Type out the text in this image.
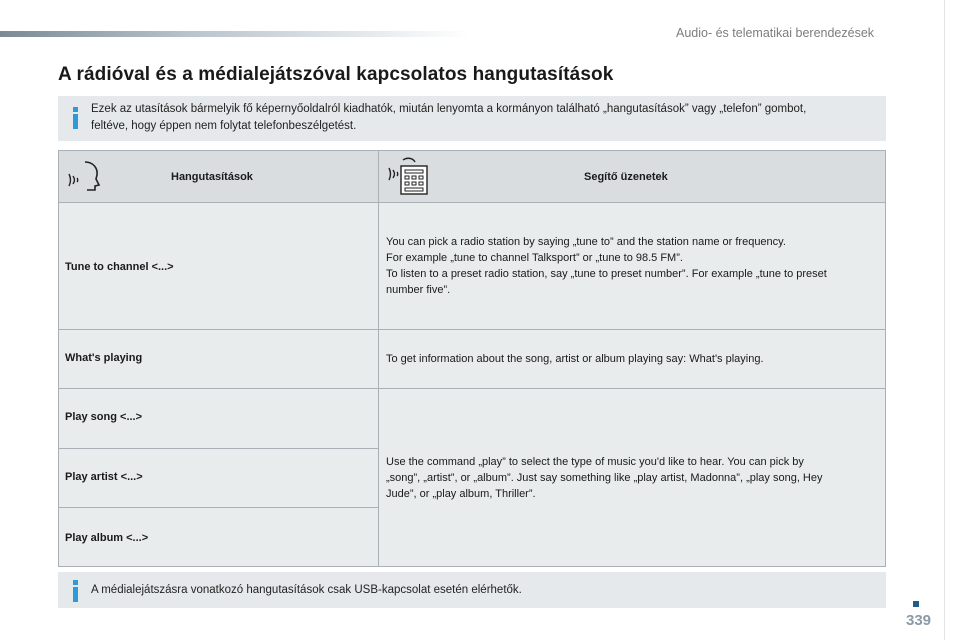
Audio- és telematikai berendezések
A rádióval és a médialejátszóval kapcsolatos hangutasítások
Ezek az utasítások bármelyik fő képernyőoldalról kiadhatók, miután lenyomta a kormányon található „hangutasítások” vagy „telefon” gombot,
feltéve, hogy éppen nem folytat telefonbeszélgetést.
Hangutasítások	Segítő üzenetek
Tune to channel <...>
You can pick a radio station by saying „tune to” and the station name or frequency.
For example „tune to channel Talksport” or „tune to 98.5 FM”.
To listen to a preset radio station, say „tune to preset number”. For example „tune to preset
number five”.
What's playing	To get information about the song, artist or album playing say: What's playing.
Play song <...>
Play artist <...>
Play album <...>
Use the command „play” to select the type of music you'd like to hear. You can pick by
„song”, „artist”, or „album”. Just say something like „play artist, Madonna”, „play song, Hey
Jude”, or „play album, Thriller”.
A médialejátszásra vonatkozó hangutasítások csak USB-kapcsolat esetén elérhetők.
339
